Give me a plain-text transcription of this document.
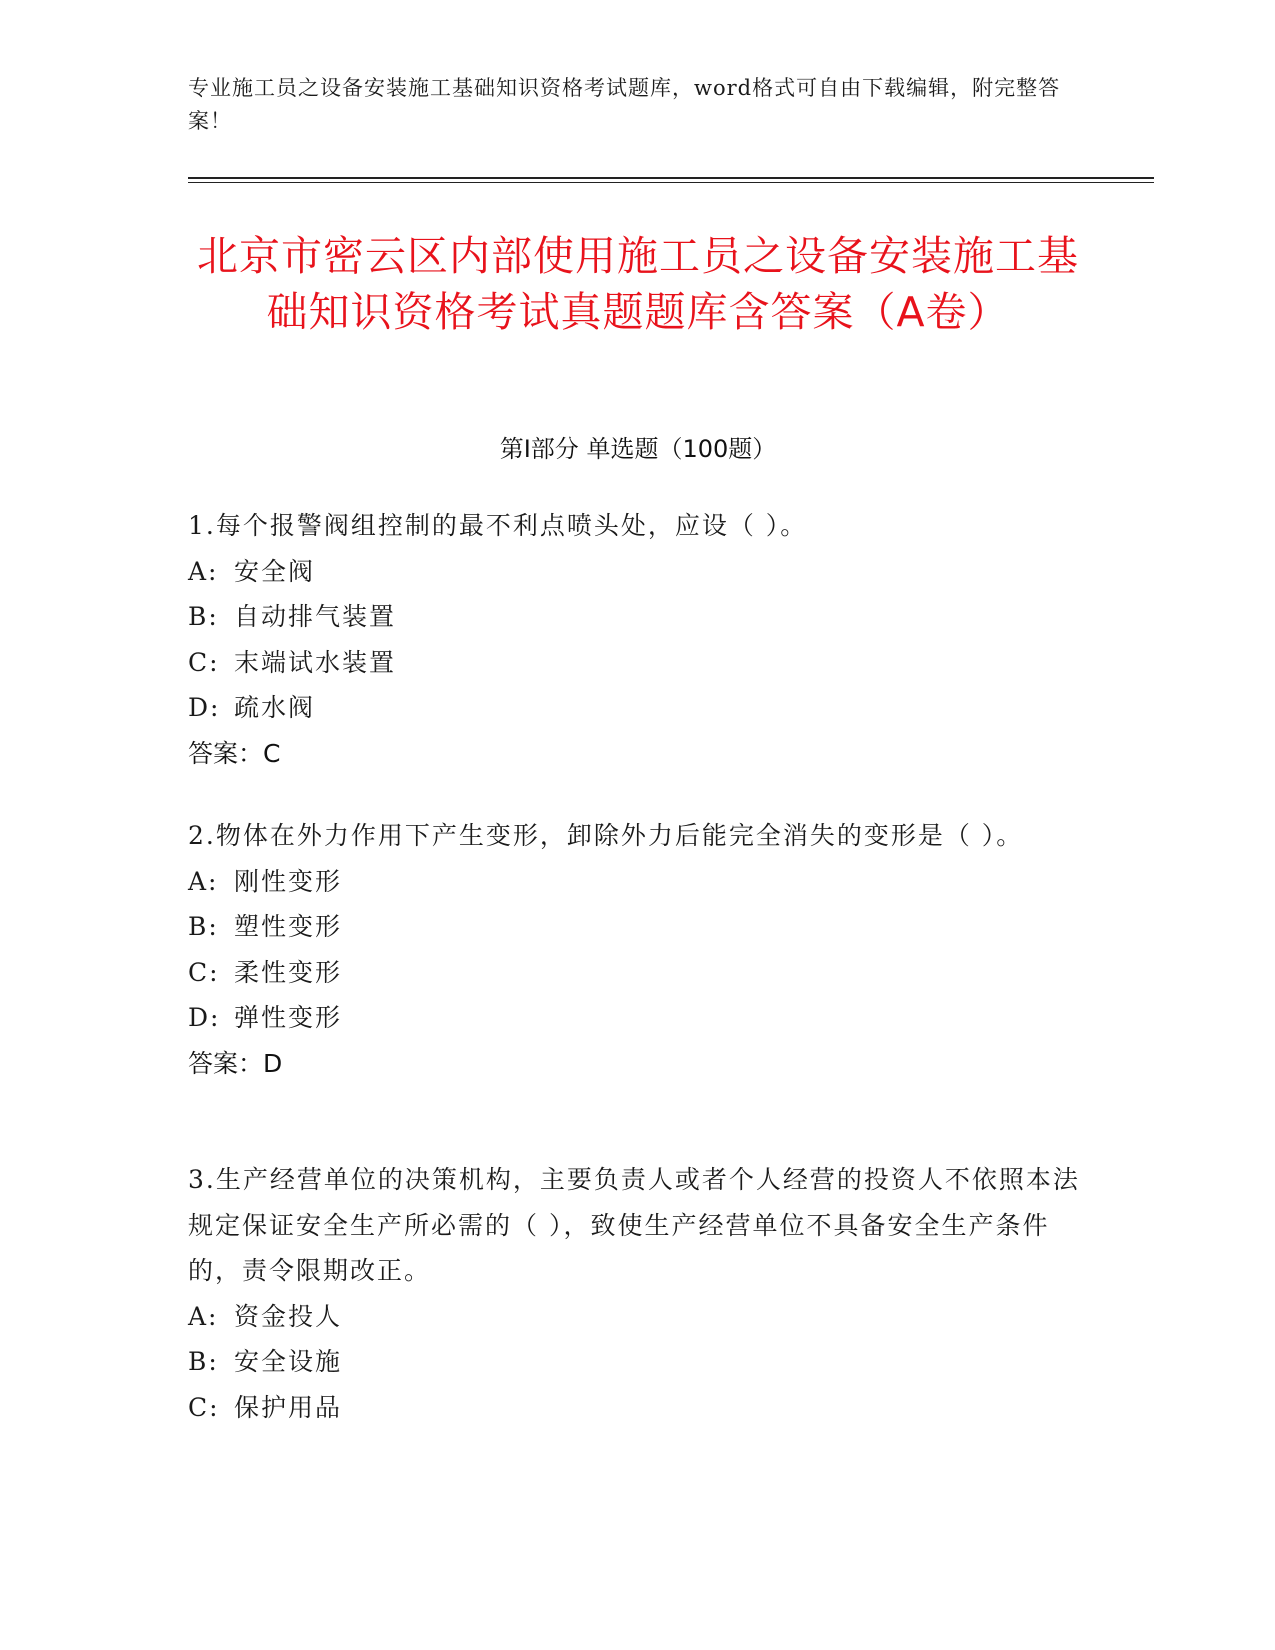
专业施工员之设备安装施工基础知识资格考试题库，word格式可自由下载编辑，附完整答案！
北京市密云区内部使用施工员之设备安装施工基础知识资格考试真题题库含答案（A卷）
第I部分 单选题（100题）
1.每个报警阀组控制的最不利点喷头处，应设（ ）。
A: 安全阀
B: 自动排气装置
C: 末端试水装置
D: 疏水阀
答案：C
2.物体在外力作用下产生变形，卸除外力后能完全消失的变形是（ ）。
A: 刚性变形
B: 塑性变形
C: 柔性变形
D: 弹性变形
答案：D
3.生产经营单位的决策机构，主要负责人或者个人经营的投资人不依照本法规定保证安全生产所必需的（ ），致使生产经营单位不具备安全生产条件的，责令限期改正。
A: 资金投人
B: 安全设施
C: 保护用品
